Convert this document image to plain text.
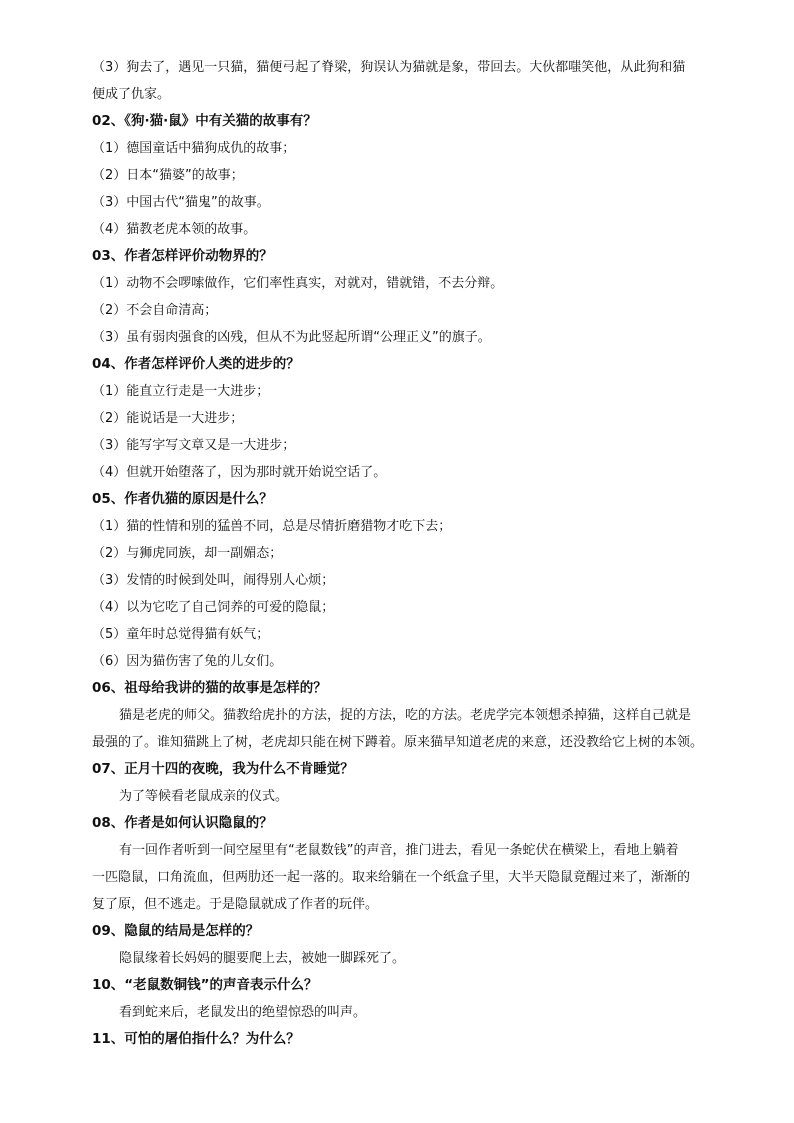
（3）狗去了，遇见一只猫，猫便弓起了脊梁，狗误认为猫就是象，带回去。大伙都嗤笑他，从此狗和猫
便成了仇家。
02、《狗·猫·鼠》中有关猫的故事有？
（1）德国童话中猫狗成仇的故事；
（2）日本“猫婆”的故事；
（3）中国古代“猫鬼”的故事。
（4）猫教老虎本领的故事。
03、作者怎样评价动物界的？
（1）动物不会啰嗦做作，它们率性真实，对就对，错就错，不去分辩。
（2）不会自命清高；
（3）虽有弱肉强食的凶残，但从不为此竖起所谓“公理正义”的旗子。
04、作者怎样评价人类的进步的？
（1）能直立行走是一大进步；
（2）能说话是一大进步；
（3）能写字写文章又是一大进步；
（4）但就开始堕落了，因为那时就开始说空话了。
05、作者仇猫的原因是什么？
（1）猫的性情和别的猛兽不同，总是尽情折磨猎物才吃下去；
（2）与狮虎同族，却一副媚态；
（3）发情的时候到处叫，闹得别人心烦；
（4）以为它吃了自己饲养的可爱的隐鼠；
（5）童年时总觉得猫有妖气；
（6）因为猫伤害了兔的儿女们。
06、祖母给我讲的猫的故事是怎样的？
猫是老虎的师父。猫教给虎扑的方法，捉的方法，吃的方法。老虎学完本领想杀掉猫，这样自己就是
最强的了。谁知猫跳上了树，老虎却只能在树下蹲着。原来猫早知道老虎的来意，还没教给它上树的本领。
07、正月十四的夜晚，我为什么不肯睡觉？
为了等候看老鼠成亲的仪式。
08、作者是如何认识隐鼠的？
有一回作者听到一间空屋里有“老鼠数钱”的声音，推门进去，看见一条蛇伏在横梁上，看地上躺着
一匹隐鼠，口角流血，但两肋还一起一落的。取来给躺在一个纸盒子里，大半天隐鼠竟醒过来了，渐渐的
复了原，但不逃走。于是隐鼠就成了作者的玩伴。
09、隐鼠的结局是怎样的？
隐鼠缘着长妈妈的腿要爬上去，被她一脚踩死了。
10、“老鼠数铜钱”的声音表示什么？
看到蛇来后，老鼠发出的绝望惊恐的叫声。
11、可怕的屠伯指什么？为什么？
